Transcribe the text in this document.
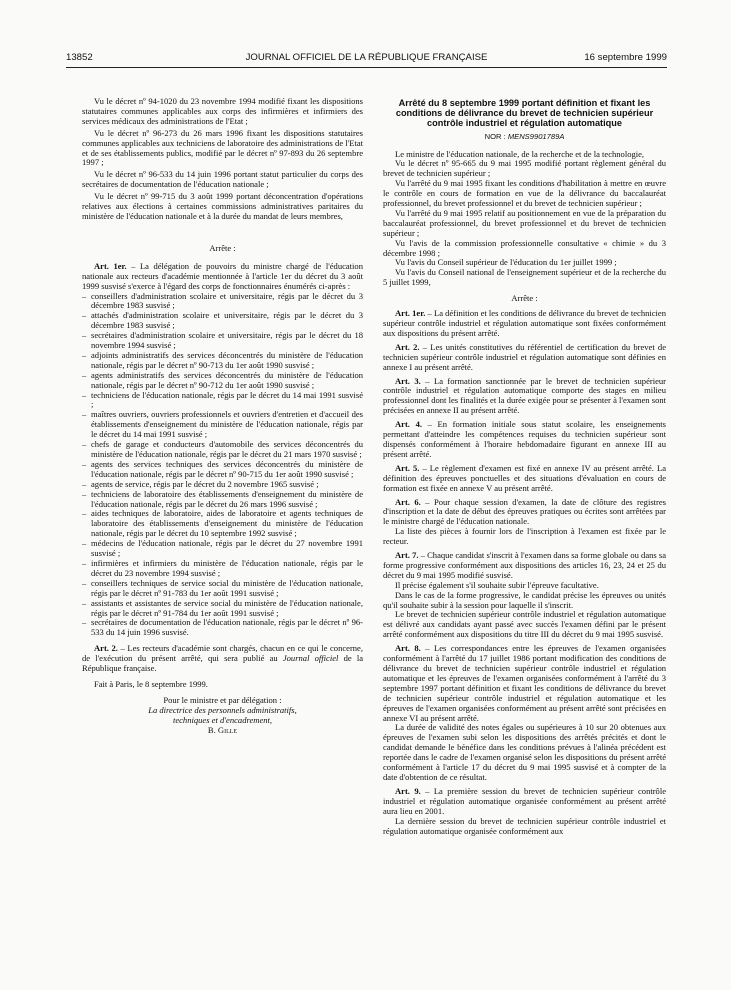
13852	JOURNAL OFFICIEL DE LA RÉPUBLIQUE FRANÇAISE	16 septembre 1999

Vu le décret nº 94-1020 du 23 novembre 1994 modifié fixant les dispositions statutaires communes applicables aux corps des infirmières et infirmiers des services médicaux des administrations de l'Etat ;

Vu le décret nº 96-273 du 26 mars 1996 fixant les dispositions statutaires communes applicables aux techniciens de laboratoire des administrations de l'Etat et de ses établissements publics, modifié par le décret nº 97-893 du 26 septembre 1997 ;

Vu le décret nº 96-533 du 14 juin 1996 portant statut particulier du corps des secrétaires de documentation de l'éducation nationale ;

Vu le décret nº 99-715 du 3 août 1999 portant déconcentration d'opérations relatives aux élections à certaines commissions administratives paritaires du ministère de l'éducation nationale et à la durée du mandat de leurs membres,

Arrête :

Art. 1er. – La délégation de pouvoirs du ministre chargé de l'éducation nationale aux recteurs d'académie mentionnée à l'article 1er du décret du 3 août 1999 susvisé s'exerce à l'égard des corps de fonctionnaires énumérés ci-après :

– conseillers d'administration scolaire et universitaire, régis par le décret du 3 décembre 1983 susvisé ;
– attachés d'administration scolaire et universitaire, régis par le décret du 3 décembre 1983 susvisé ;
– secrétaires d'administration scolaire et universitaire, régis par le décret du 18 novembre 1994 susvisé ;
– adjoints administratifs des services déconcentrés du ministère de l'éducation nationale, régis par le décret nº 90-713 du 1er août 1990 susvisé ;
– agents administratifs des services déconcentrés du ministère de l'éducation nationale, régis par le décret nº 90-712 du 1er août 1990 susvisé ;
– techniciens de l'éducation nationale, régis par le décret du 14 mai 1991 susvisé ;
– maîtres ouvriers, ouvriers professionnels et ouvriers d'entretien et d'accueil des établissements d'enseignement du ministère de l'éducation nationale, régis par le décret du 14 mai 1991 susvisé ;
– chefs de garage et conducteurs d'automobile des services déconcentrés du ministère de l'éducation nationale, régis par le décret du 21 mars 1970 susvisé ;
– agents des services techniques des services déconcentrés du ministère de l'éducation nationale, régis par le décret nº 90-715 du 1er août 1990 susvisé ;
– agents de service, régis par le décret du 2 novembre 1965 susvisé ;
– techniciens de laboratoire des établissements d'enseignement du ministère de l'éducation nationale, régis par le décret du 26 mars 1996 susvisé ;
– aides techniques de laboratoire, aides de laboratoire et agents techniques de laboratoire des établissements d'enseignement du ministère de l'éducation nationale, régis par le décret du 10 septembre 1992 susvisé ;
– médecins de l'éducation nationale, régis par le décret du 27 novembre 1991 susvisé ;
– infirmières et infirmiers du ministère de l'éducation nationale, régis par le décret du 23 novembre 1994 susvisé ;
– conseillers techniques de service social du ministère de l'éducation nationale, régis par le décret nº 91-783 du 1er août 1991 susvisé ;
– assistants et assistantes de service social du ministère de l'éducation nationale, régis par le décret nº 91-784 du 1er août 1991 susvisé ;
– secrétaires de documentation de l'éducation nationale, régis par le décret nº 96-533 du 14 juin 1996 susvisé.

Art. 2. – Les recteurs d'académie sont chargés, chacun en ce qui le concerne, de l'exécution du présent arrêté, qui sera publié au Journal officiel de la République française.

Fait à Paris, le 8 septembre 1999.

Pour le ministre et par délégation :

La directrice des personnels administratifs,

techniques et d'encadrement,

B. Gille

Arrêté du 8 septembre 1999 portant définition et fixant les conditions de délivrance du brevet de technicien supérieur contrôle industriel et régulation automatique
NOR : MENS9901789A

Le ministre de l'éducation nationale, de la recherche et de la technologie,

Vu le décret nº 95-665 du 9 mai 1995 modifié portant règlement général du brevet de technicien supérieur ;

Vu l'arrêté du 9 mai 1995 fixant les conditions d'habilitation à mettre en œuvre le contrôle en cours de formation en vue de la délivrance du baccalauréat professionnel, du brevet professionnel et du brevet de technicien supérieur ;

Vu l'arrêté du 9 mai 1995 relatif au positionnement en vue de la préparation du baccalauréat professionnel, du brevet professionnel et du brevet de technicien supérieur ;

Vu l'avis de la commission professionnelle consultative « chimie » du 3 décembre 1998 ;

Vu l'avis du Conseil supérieur de l'éducation du 1er juillet 1999 ;

Vu l'avis du Conseil national de l'enseignement supérieur et de la recherche du 5 juillet 1999,

Arrête :

Art. 1er. – La définition et les conditions de délivrance du brevet de technicien supérieur contrôle industriel et régulation automatique sont fixées conformément aux dispositions du présent arrêté.

Art. 2. – Les unités constitutives du référentiel de certification du brevet de technicien supérieur contrôle industriel et régulation automatique sont définies en annexe I au présent arrêté.

Art. 3. – La formation sanctionnée par le brevet de technicien supérieur contrôle industriel et régulation automatique comporte des stages en milieu professionnel dont les finalités et la durée exigée pour se présenter à l'examen sont précisées en annexe II au présent arrêté.

Art. 4. – En formation initiale sous statut scolaire, les enseignements permettant d'atteindre les compétences requises du technicien supérieur sont dispensés conformément à l'horaire hebdomadaire figurant en annexe III au présent arrêté.

Art. 5. – Le règlement d'examen est fixé en annexe IV au présent arrêté. La définition des épreuves ponctuelles et des situations d'évaluation en cours de formation est fixée en annexe V au présent arrêté.

Art. 6. – Pour chaque session d'examen, la date de clôture des registres d'inscription et la date de début des épreuves pratiques ou écrites sont arrêtées par le ministre chargé de l'éducation nationale.

La liste des pièces à fournir lors de l'inscription à l'examen est fixée par le recteur.

Art. 7. – Chaque candidat s'inscrit à l'examen dans sa forme globale ou dans sa forme progressive conformément aux dispositions des articles 16, 23, 24 et 25 du décret du 9 mai 1995 modifié susvisé.

Il précise également s'il souhaite subir l'épreuve facultative.

Dans le cas de la forme progressive, le candidat précise les épreuves ou unités qu'il souhaite subir à la session pour laquelle il s'inscrit.

Le brevet de technicien supérieur contrôle industriel et régulation automatique est délivré aux candidats ayant passé avec succès l'examen défini par le présent arrêté conformément aux dispositions du titre III du décret du 9 mai 1995 susvisé.

Art. 8. – Les correspondances entre les épreuves de l'examen organisées conformément à l'arrêté du 17 juillet 1986 portant modification des conditions de délivrance du brevet de technicien supérieur contrôle industriel et régulation automatique et les épreuves de l'examen organisées conformément à l'arrêté du 3 septembre 1997 portant définition et fixant les conditions de délivrance du brevet de technicien supérieur contrôle industriel et régulation automatique et les épreuves de l'examen organisées conformément au présent arrêté sont précisées en annexe VI au présent arrêté.

La durée de validité des notes égales ou supérieures à 10 sur 20 obtenues aux épreuves de l'examen subi selon les dispositions des arrêtés précités et dont le candidat demande le bénéfice dans les conditions prévues à l'alinéa précédent est reportée dans le cadre de l'examen organisé selon les dispositions du présent arrêté conformément à l'article 17 du décret du 9 mai 1995 susvisé et à compter de la date d'obtention de ce résultat.

Art. 9. – La première session du brevet de technicien supérieur contrôle industriel et régulation automatique organisée conformément au présent arrêté aura lieu en 2001.

La dernière session du brevet de technicien supérieur contrôle industriel et régulation automatique organisée conformément aux
